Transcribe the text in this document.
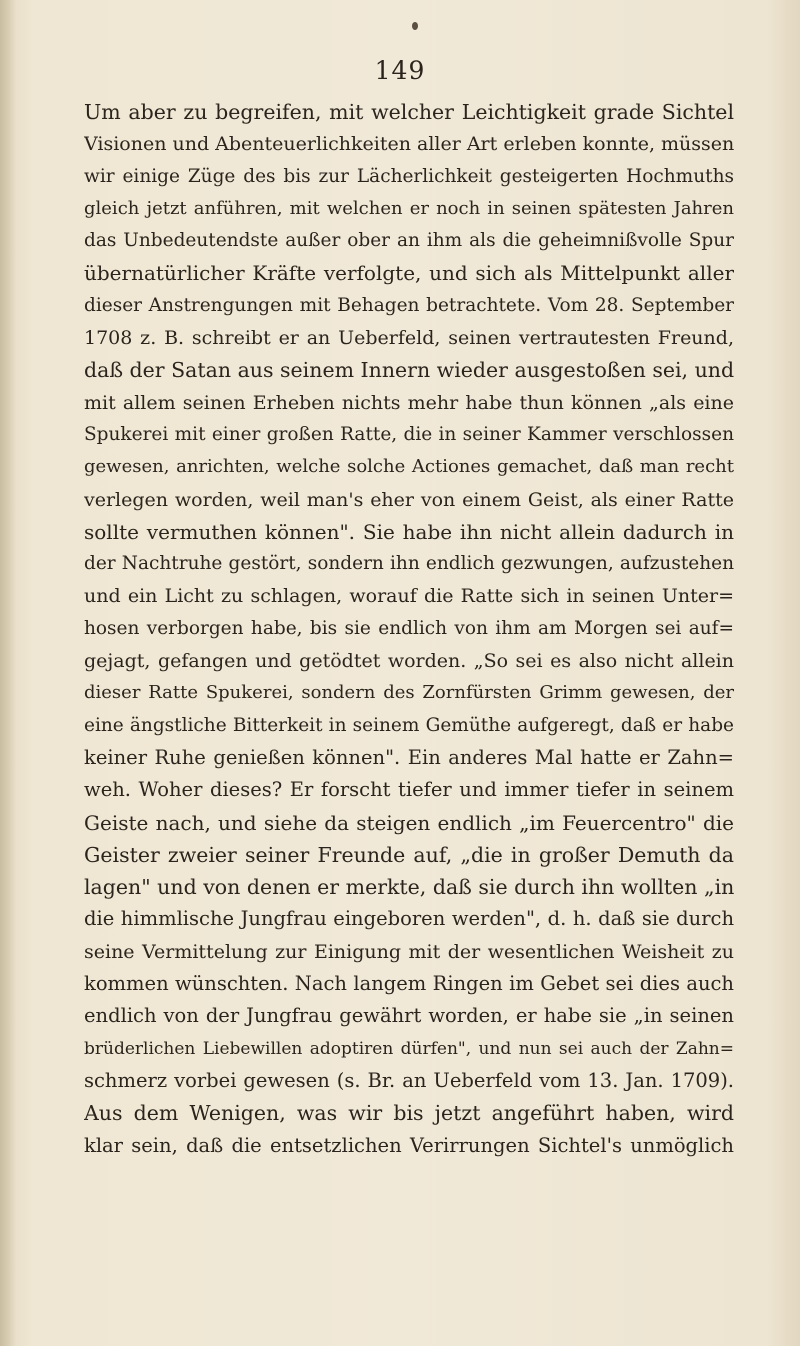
149
Um aber zu begreifen, mit welcher Leichtigkeit grade Sichtel
Visionen und Abenteuerlichkeiten aller Art erleben konnte, müssen
wir einige Züge des bis zur Lächerlichkeit gesteigerten Hochmuths
gleich jetzt anführen, mit welchen er noch in seinen spätesten Jahren
das Unbedeutendste außer ober an ihm als die geheimnißvolle Spur
übernatürlicher Kräfte verfolgte, und sich als Mittelpunkt aller
dieser Anstrengungen mit Behagen betrachtete. Vom 28. September
1708 z. B. schreibt er an Ueberfeld, seinen vertrautesten Freund,
daß der Satan aus seinem Innern wieder ausgestoßen sei, und
mit allem seinen Erheben nichts mehr habe thun können „als eine
Spukerei mit einer großen Ratte, die in seiner Kammer verschlossen
gewesen, anrichten, welche solche Actiones gemachet, daß man recht
verlegen worden, weil man's eher von einem Geist, als einer Ratte
sollte vermuthen können". Sie habe ihn nicht allein dadurch in
der Nachtruhe gestört, sondern ihn endlich gezwungen, aufzustehen
und ein Licht zu schlagen, worauf die Ratte sich in seinen Unter=
hosen verborgen habe, bis sie endlich von ihm am Morgen sei auf=
gejagt, gefangen und getödtet worden. „So sei es also nicht allein
dieser Ratte Spukerei, sondern des Zornfürsten Grimm gewesen, der
eine ängstliche Bitterkeit in seinem Gemüthe aufgeregt, daß er habe
keiner Ruhe genießen können". Ein anderes Mal hatte er Zahn=
weh. Woher dieses? Er forscht tiefer und immer tiefer in seinem
Geiste nach, und siehe da steigen endlich „im Feuercentro" die
Geister zweier seiner Freunde auf, „die in großer Demuth da
lagen" und von denen er merkte, daß sie durch ihn wollten „in
die himmlische Jungfrau eingeboren werden", d. h. daß sie durch
seine Vermittelung zur Einigung mit der wesentlichen Weisheit zu
kommen wünschten. Nach langem Ringen im Gebet sei dies auch
endlich von der Jungfrau gewährt worden, er habe sie „in seinen
brüderlichen Liebewillen adoptiren dürfen", und nun sei auch der Zahn=
schmerz vorbei gewesen (s. Br. an Ueberfeld vom 13. Jan. 1709).
Aus dem Wenigen, was wir bis jetzt angeführt haben, wird
klar sein, daß die entsetzlichen Verirrungen Sichtel's unmöglich
